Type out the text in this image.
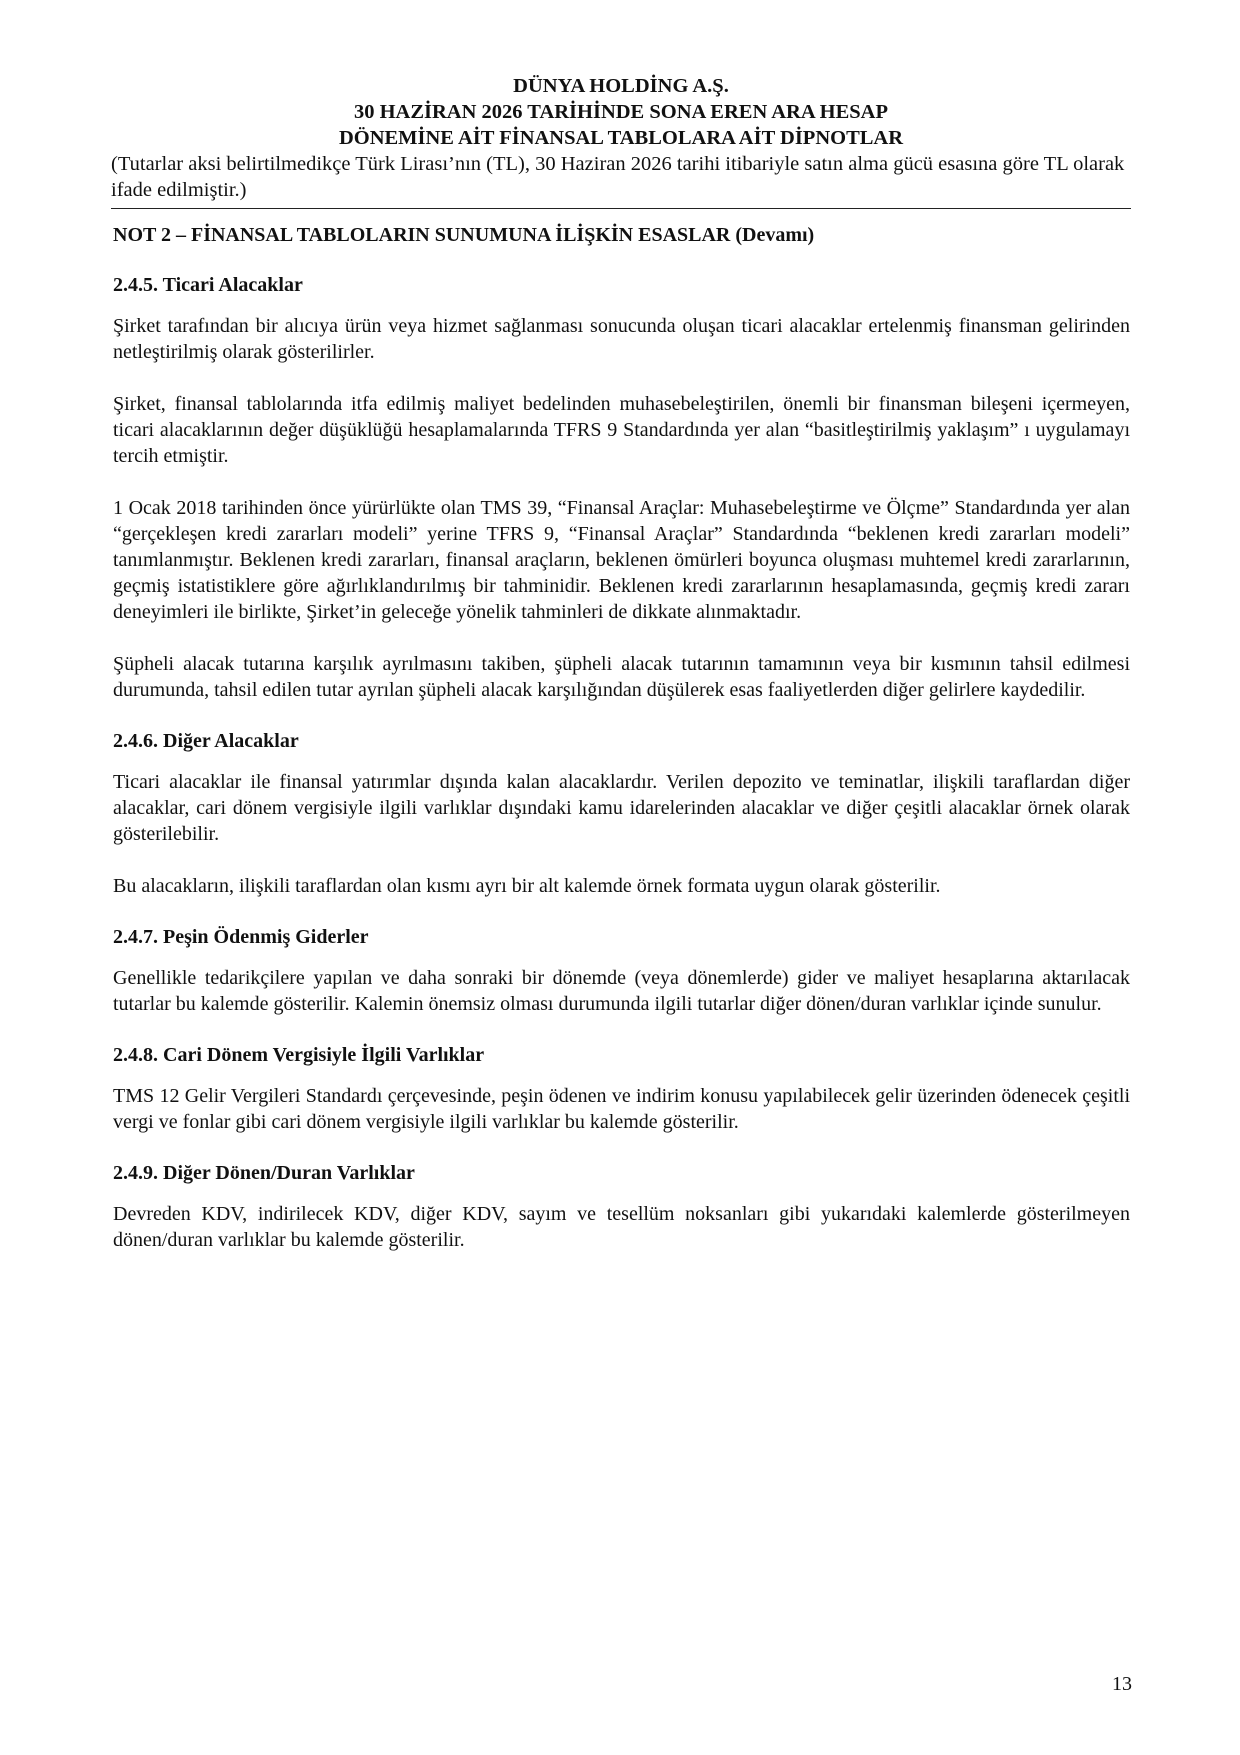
DÜNYA HOLDİNG A.Ş.

30 HAZİRAN 2026 TARİHİNDE SONA EREN ARA HESAP

DÖNEMİNE AİT FİNANSAL TABLOLARA AİT DİPNOTLAR

(Tutarlar aksi belirtilmedikçe Türk Lirası’nın (TL), 30 Haziran 2026 tarihi itibariyle satın alma gücü esasına göre TL olarak ifade edilmiştir.)

NOT 2 – FİNANSAL TABLOLARIN SUNUMUNA İLİŞKİN ESASLAR (Devamı)
2.4.5. Ticari Alacaklar

Şirket tarafından bir alıcıya ürün veya hizmet sağlanması sonucunda oluşan ticari alacaklar ertelenmiş finansman gelirinden netleştirilmiş olarak gösterilirler.

Şirket, finansal tablolarında itfa edilmiş maliyet bedelinden muhasebeleştirilen, önemli bir finansman bileşeni içermeyen, ticari alacaklarının değer düşüklüğü hesaplamalarında TFRS 9 Standardında yer alan “basitleştirilmiş yaklaşım” ı uygulamayı tercih etmiştir.

1 Ocak 2018 tarihinden önce yürürlükte olan TMS 39, “Finansal Araçlar: Muhasebeleştirme ve Ölçme” Standardında yer alan “gerçekleşen kredi zararları modeli” yerine TFRS 9, “Finansal Araçlar” Standardında “beklenen kredi zararları modeli” tanımlanmıştır. Beklenen kredi zararları, finansal araçların, beklenen ömürleri boyunca oluşması muhtemel kredi zararlarının, geçmiş istatistiklere göre ağırlıklandırılmış bir tahminidir. Beklenen kredi zararlarının hesaplamasında, geçmiş kredi zararı deneyimleri ile birlikte, Şirket’in geleceğe yönelik tahminleri de dikkate alınmaktadır.

Şüpheli alacak tutarına karşılık ayrılmasını takiben, şüpheli alacak tutarının tamamının veya bir kısmının tahsil edilmesi durumunda, tahsil edilen tutar ayrılan şüpheli alacak karşılığından düşülerek esas faaliyetlerden diğer gelirlere kaydedilir.

2.4.6. Diğer Alacaklar

Ticari alacaklar ile finansal yatırımlar dışında kalan alacaklardır. Verilen depozito ve teminatlar, ilişkili taraflardan diğer alacaklar, cari dönem vergisiyle ilgili varlıklar dışındaki kamu idarelerinden alacaklar ve diğer çeşitli alacaklar örnek olarak gösterilebilir.

Bu alacakların, ilişkili taraflardan olan kısmı ayrı bir alt kalemde örnek formata uygun olarak gösterilir.

2.4.7. Peşin Ödenmiş Giderler

Genellikle tedarikçilere yapılan ve daha sonraki bir dönemde (veya dönemlerde) gider ve maliyet hesaplarına aktarılacak tutarlar bu kalemde gösterilir. Kalemin önemsiz olması durumunda ilgili tutarlar diğer dönen/duran varlıklar içinde sunulur.

2.4.8. Cari Dönem Vergisiyle İlgili Varlıklar

TMS 12 Gelir Vergileri Standardı çerçevesinde, peşin ödenen ve indirim konusu yapılabilecek gelir üzerinden ödenecek çeşitli vergi ve fonlar gibi cari dönem vergisiyle ilgili varlıklar bu kalemde gösterilir.

2.4.9. Diğer Dönen/Duran Varlıklar

Devreden KDV, indirilecek KDV, diğer KDV, sayım ve tesellüm noksanları gibi yukarıdaki kalemlerde gösterilmeyen dönen/duran varlıklar bu kalemde gösterilir.

13
